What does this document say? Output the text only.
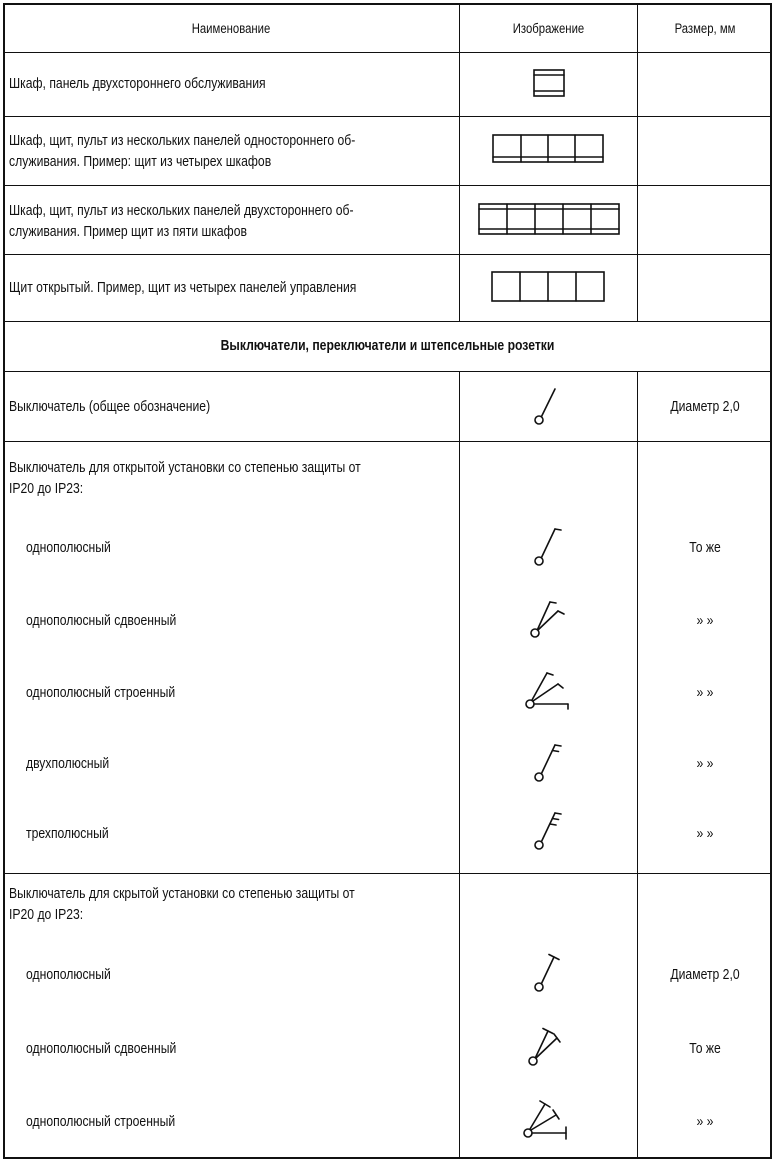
Наименование	Изображение	Размер, мм
Шкаф, панель двухстороннего обслуживания
Шкаф, щит, пульт из нескольких панелей одностороннего об-
служивания. Пример: щит из четырех шкафов
Шкаф, щит, пульт из нескольких панелей двухстороннего об-
служивания. Пример щит из пяти шкафов
Щит открытый. Пример, щит из четырех панелей управления
Выключатели, переключатели и штепсельные розетки
Выключатель (общее обозначение)	Диаметр 2,0
Выключатель для открытой установки со степенью защиты от
IP20 до IP23:
однополюсный	То же
однополюсный сдвоенный	» »
однополюсный строенный	» »
двухполюсный	» »
трехполюсный	» »
Выключатель для скрытой установки со степенью защиты от
IP20 до IP23:
однополюсный	Диаметр 2,0
однополюсный сдвоенный	То же
однополюсный строенный	» »
